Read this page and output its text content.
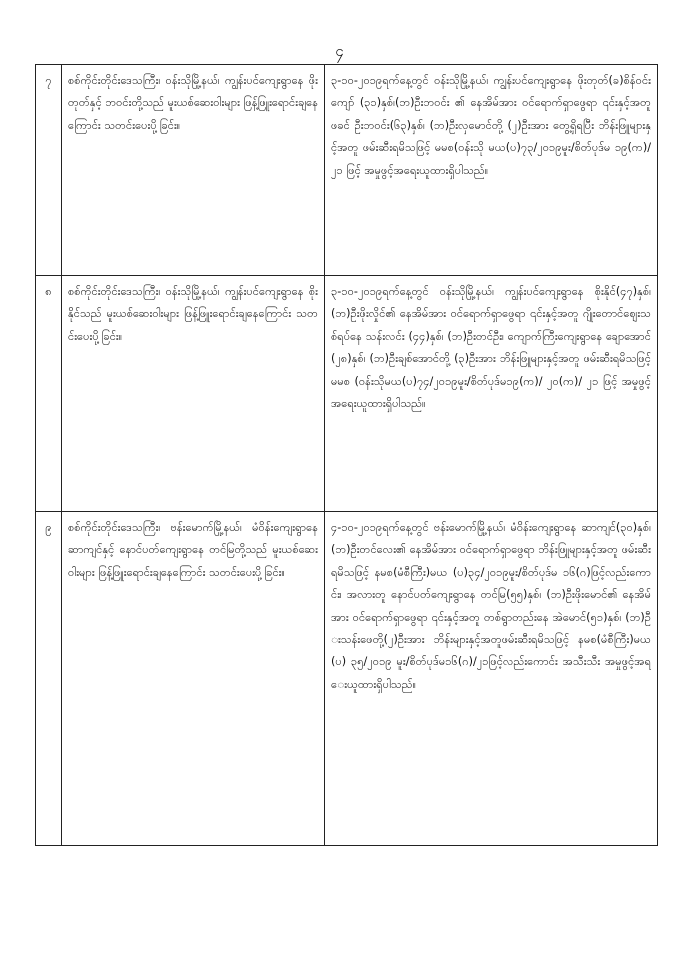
၄
၇	စစ်ကိုင်းတိုင်းဒေသကြီး၊ ဝန်းသိုမြို့နယ်၊ ကျွန်းပင်ကျေးရွာနေ ဖိုးတုတ်နှင့် ဘဝင်းတို့သည် မူးယစ်ဆေးဝါးများ ဖြန့်ဖြူးရောင်းချနေကြောင်း သတင်းပေးပို့ခြင်း။	၃-၁၀-၂၀၁၉ရက်နေ့တွင် ဝန်းသိုမြို့နယ်၊ ကျွန်းပင်ကျေးရွာနေ ဖိုးတုတ်(ခ)စိန်ဝင်းကျော် (၃၁)နှစ်၊(ဘ)ဦးဘဝင်း ၏ နေအိမ်အား ဝင်ရောက်ရှာဖွေရာ ၎င်းနှင့်အတူ ဖခင် ဦးဘဝင်း(၆၃)နှစ်၊ (ဘ)ဦးလှမောင်တို့ (၂)ဦးအား တွေ့ရှိရပြီး ဘိန်းဖြူများနှင့်အတူ ဖမ်းဆီးရမိသဖြင့် မမစ(ဝန်းသို မယ(ပ)၇၃/၂၀၁၉မူး/စိတ်ပုဒ်မ ၁၉(က)/၂၁ ဖြင့် အမှုဖွင့်အရေးယူထားရှိပါသည်။
၈	စစ်ကိုင်းတိုင်းဒေသကြီး၊ ဝန်းသိုမြို့နယ်၊ ကျွန်းပင်ကျေးရွာနေ စိုးနိုင်သည် မူးယစ်ဆေးဝါးများ ဖြန့်ဖြူးရောင်းချနေကြောင်း သတင်းပေးပို့ခြင်း။	၃-၁၀-၂၀၁၉ရက်နေ့တွင် ဝန်းသိုမြို့နယ်၊ ကျွန်းပင်ကျေးရွာနေ စိုးနိုင်(၄၇)နှစ်၊ (ဘ)ဦးဖိုးလှိုင်၏ နေအိမ်အား ဝင်ရောက်ရှာဖွေရာ ၎င်းနှင့်အတူ ဂျိုးတောင်ဈေးသစ်ရပ်နေ သန်းလင်း (၄၄)နှစ်၊ (ဘ)ဦးတင်ဦး၊ ကျောက်ကြီးကျေးရွာနေ ချောအောင်(၂၈)နှစ်၊ (ဘ)ဦးချစ်အောင်တို့ (၃)ဦးအား ဘိန်းဖြူများနှင့်အတူ ဖမ်းဆီးရမိသဖြင့် မမစ (ဝန်းသိုမယ(ပ)၇၄/၂၀၁၉မူး/စိတ်ပုဒ်မ၁၉(က)/ ၂၀(က)/ ၂၁ ဖြင့် အမှုဖွင့်အရေးယူထားရှိပါသည်။
၉	စစ်ကိုင်းတိုင်းဒေသကြီး၊ ဗန်းမောက်မြို့နယ်၊ မံဝိန်းကျေးရွာနေ ဆာကျင်နှင့် နောင်ပတ်ကျေးရွာနေ တင်မြတို့သည် မူးယစ်ဆေးဝါးများ ဖြန့်ဖြူးရောင်းချနေကြောင်း သတင်းပေးပို့ခြင်း။	၄-၁၀-၂၀၁၉ရက်နေ့တွင် ဗန်းမောက်မြို့နယ်၊ မံဝိန်းကျေးရွာနေ ဆာကျင်(၃၀)နှစ်၊ (ဘ)ဦးတင်လေး၏ နေအိမ်အား ဝင်ရောက်ရှာဖွေရာ ဘိန်းဖြူများနှင့်အတူ ဖမ်းဆီးရမိသဖြင့် နမစ(မံစီကြီး)မယ (ပ)၃၄/၂၀၁၉မူး/စိတ်ပုဒ်မ ၁၆(ဂ)ဖြင့်လည်းကောင်း၊ အလားတူ နောင်ပတ်ကျေးရွာနေ တင်မြ(၅၅)နှစ်၊ (ဘ)ဦးဖိုးမောင်၏ နေအိမ်အား ဝင်ရောက်ရှာဖွေရာ ၎င်းနှင့်အတူ တစ်ရွာတည်းနေ အဲမောင်(၅၁)နှစ်၊ (ဘ)ဦးသန်းဖေတို့(၂)ဦးအား ဘိန်းများနှင့်အတူဖမ်းဆီးရမိသဖြင့် နမစ(မံစီကြီး)မယ(ပ) ၃၅/၂၀၁၉ မူး/စိတ်ပုဒ်မ၁၆(ဂ)/၂၁ဖြင့်လည်းကောင်း အသီးသီး အမှုဖွင့်အရေးယူထားရှိပါသည်။
